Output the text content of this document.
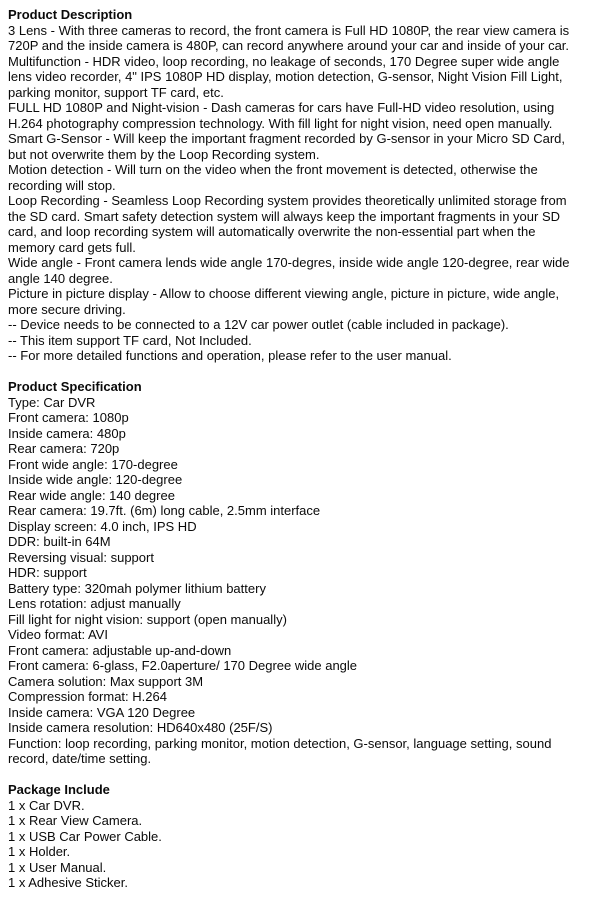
Product Description
3 Lens - With three cameras to record, the front camera is Full HD 1080P, the rear view camera is
720P and the inside camera is 480P, can record anywhere around your car and inside of your car.
Multifunction - HDR video, loop recording, no leakage of seconds, 170 Degree super wide angle
lens video recorder, 4" IPS 1080P HD display, motion detection, G-sensor, Night Vision Fill Light,
parking monitor, support TF card, etc.
FULL HD 1080P and Night-vision - Dash cameras for cars have Full-HD video resolution, using
H.264 photography compression technology. With fill light for night vision, need open manually.
Smart G-Sensor - Will keep the important fragment recorded by G-sensor in your Micro SD Card,
but not overwrite them by the Loop Recording system.
Motion detection - Will turn on the video when the front movement is detected, otherwise the
recording will stop.
Loop Recording - Seamless Loop Recording system provides theoretically unlimited storage from
the SD card. Smart safety detection system will always keep the important fragments in your SD
card, and loop recording system will automatically overwrite the non-essential part when the
memory card gets full.
Wide angle - Front camera lends wide angle 170-degres, inside wide angle 120-degree, rear wide
angle 140 degree.
Picture in picture display - Allow to choose different viewing angle, picture in picture, wide angle,
more secure driving.
-- Device needs to be connected to a 12V car power outlet (cable included in package).
-- This item support TF card, Not Included.
-- For more detailed functions and operation, please refer to the user manual.
Product Specification
Type: Car DVR
Front camera: 1080p
Inside camera: 480p
Rear camera: 720p
Front wide angle: 170-degree
Inside wide angle: 120-degree
Rear wide angle: 140 degree
Rear camera: 19.7ft. (6m) long cable, 2.5mm interface
Display screen: 4.0 inch, IPS HD
DDR: built-in 64M
Reversing visual: support
HDR: support
Battery type: 320mah polymer lithium battery
Lens rotation: adjust manually
Fill light for night vision: support (open manually)
Video format: AVI
Front camera: adjustable up-and-down
Front camera: 6-glass, F2.0aperture/ 170 Degree wide angle
Camera solution: Max support 3M
Compression format: H.264
Inside camera: VGA 120 Degree
Inside camera resolution: HD640x480 (25F/S)
Function: loop recording, parking monitor, motion detection, G-sensor, language setting, sound
record, date/time setting.
Package Include
1 x Car DVR.
1 x Rear View Camera.
1 x USB Car Power Cable.
1 x Holder.
1 x User Manual.
1 x Adhesive Sticker.
